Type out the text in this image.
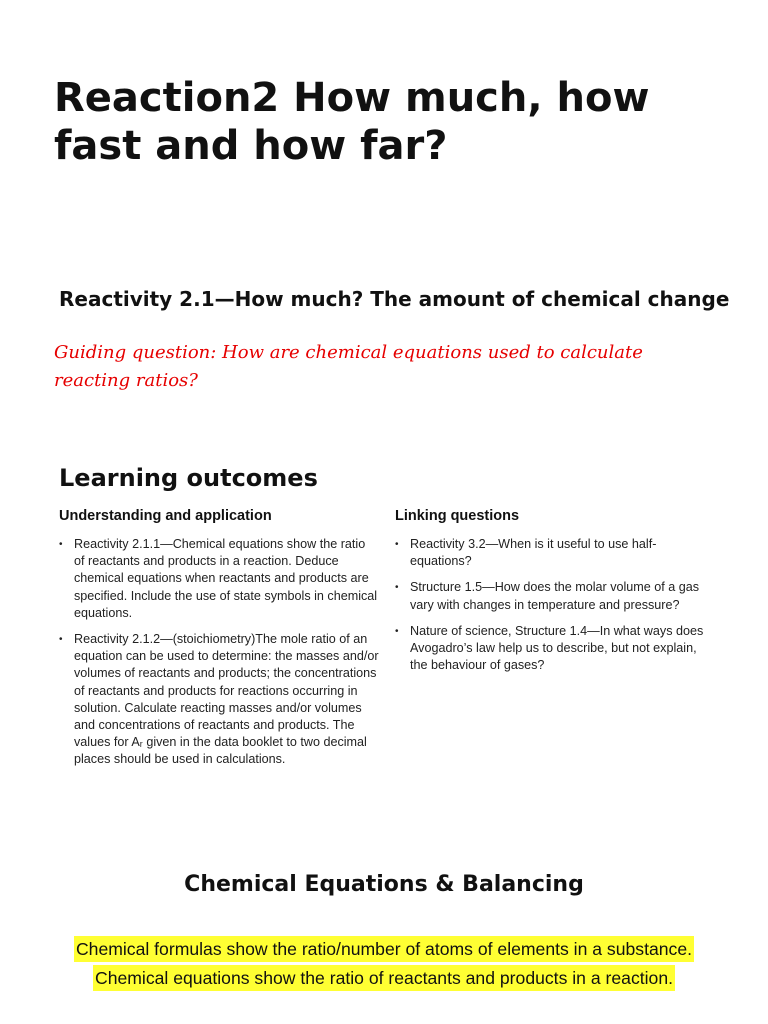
Reaction2 How much, how fast and how far?
Reactivity 2.1—How much? The amount of chemical change

Guiding question: How are chemical equations used to calculate reacting ratios?

Learning outcomes
Understanding and application
• Reactivity 2.1.1—Chemical equations show the ratio of reactants and products in a reaction. Deduce chemical equations when reactants and products are specified. Include the use of state symbols in chemical equations.
• Reactivity 2.1.2—(stoichiometry)The mole ratio of an equation can be used to determine: the masses and/or volumes of reactants and products; the concentrations of reactants and products for reactions occurring in solution. Calculate reacting masses and/or volumes and concentrations of reactants and products. The values for Aᵣ given in the data booklet to two decimal places should be used in calculations.
Linking questions
• Reactivity 3.2—When is it useful to use half-equations?
• Structure 1.5—How does the molar volume of a gas vary with changes in temperature and pressure?
• Nature of science, Structure 1.4—In what ways does Avogadro’s law help us to describe, but not explain, the behaviour of gases?
Chemical Equations & Balancing
Chemical formulas show the ratio/number of atoms of elements in a substance.
Chemical equations show the ratio of reactants and products in a reaction.
